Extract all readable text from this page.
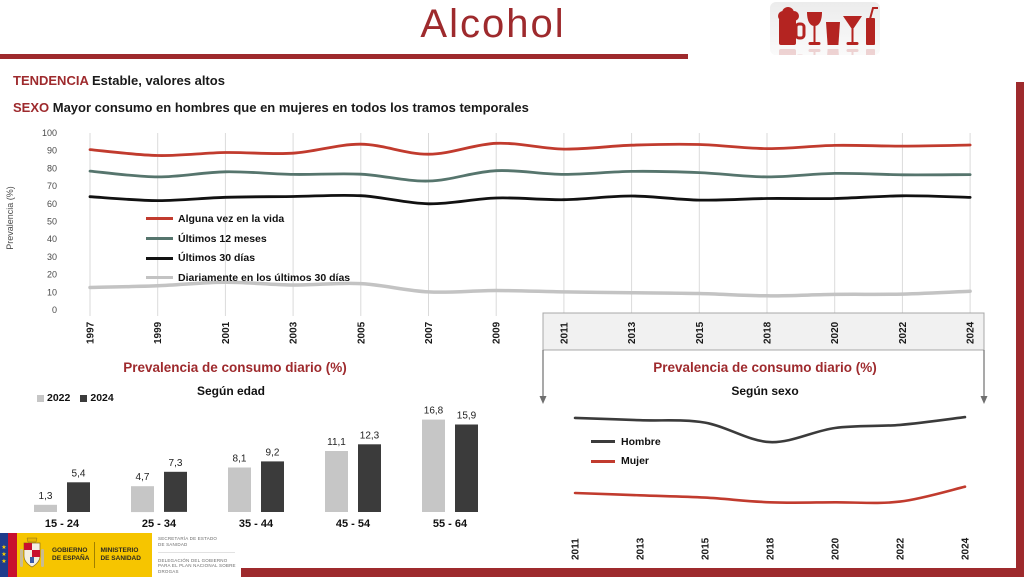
Alcohol
TENDENCIA Estable, valores altos
SEXO Mayor consumo en hombres que en mujeres en todos los tramos temporales
0
10
20
30
40
50
60
70
80
90
100
1997	1999	2001	2003	2005	2007	2009	2011	2013	2015	2018	2020	2022	2024
Prevalencia (%)	Alguna vez en la vida
Últimos 12 meses
Últimos 30 días
Diariamente en los últimos 30 días
Prevalencia de consumo diario (%)
Según edad
2022 2024
1,3
4,7
8,1
11,1
16,8
5,4
7,3
9,2
12,3
15,9
15 - 24	25 - 34	35 - 44	45 - 54	55 - 64
Prevalencia de consumo diario (%)
Según sexo
Hombre
Mujer
2011	2013	2015	2018	2020	2022	2024
★
★
★
GOBIERNO
DE ESPAÑA
MINISTERIO
DE SANIDAD
SECRETARÍA DE ESTADO
DE SANIDAD
DELEGACIÓN DEL GOBIERNO
PARA EL PLAN NACIONAL SOBRE DROGAS
